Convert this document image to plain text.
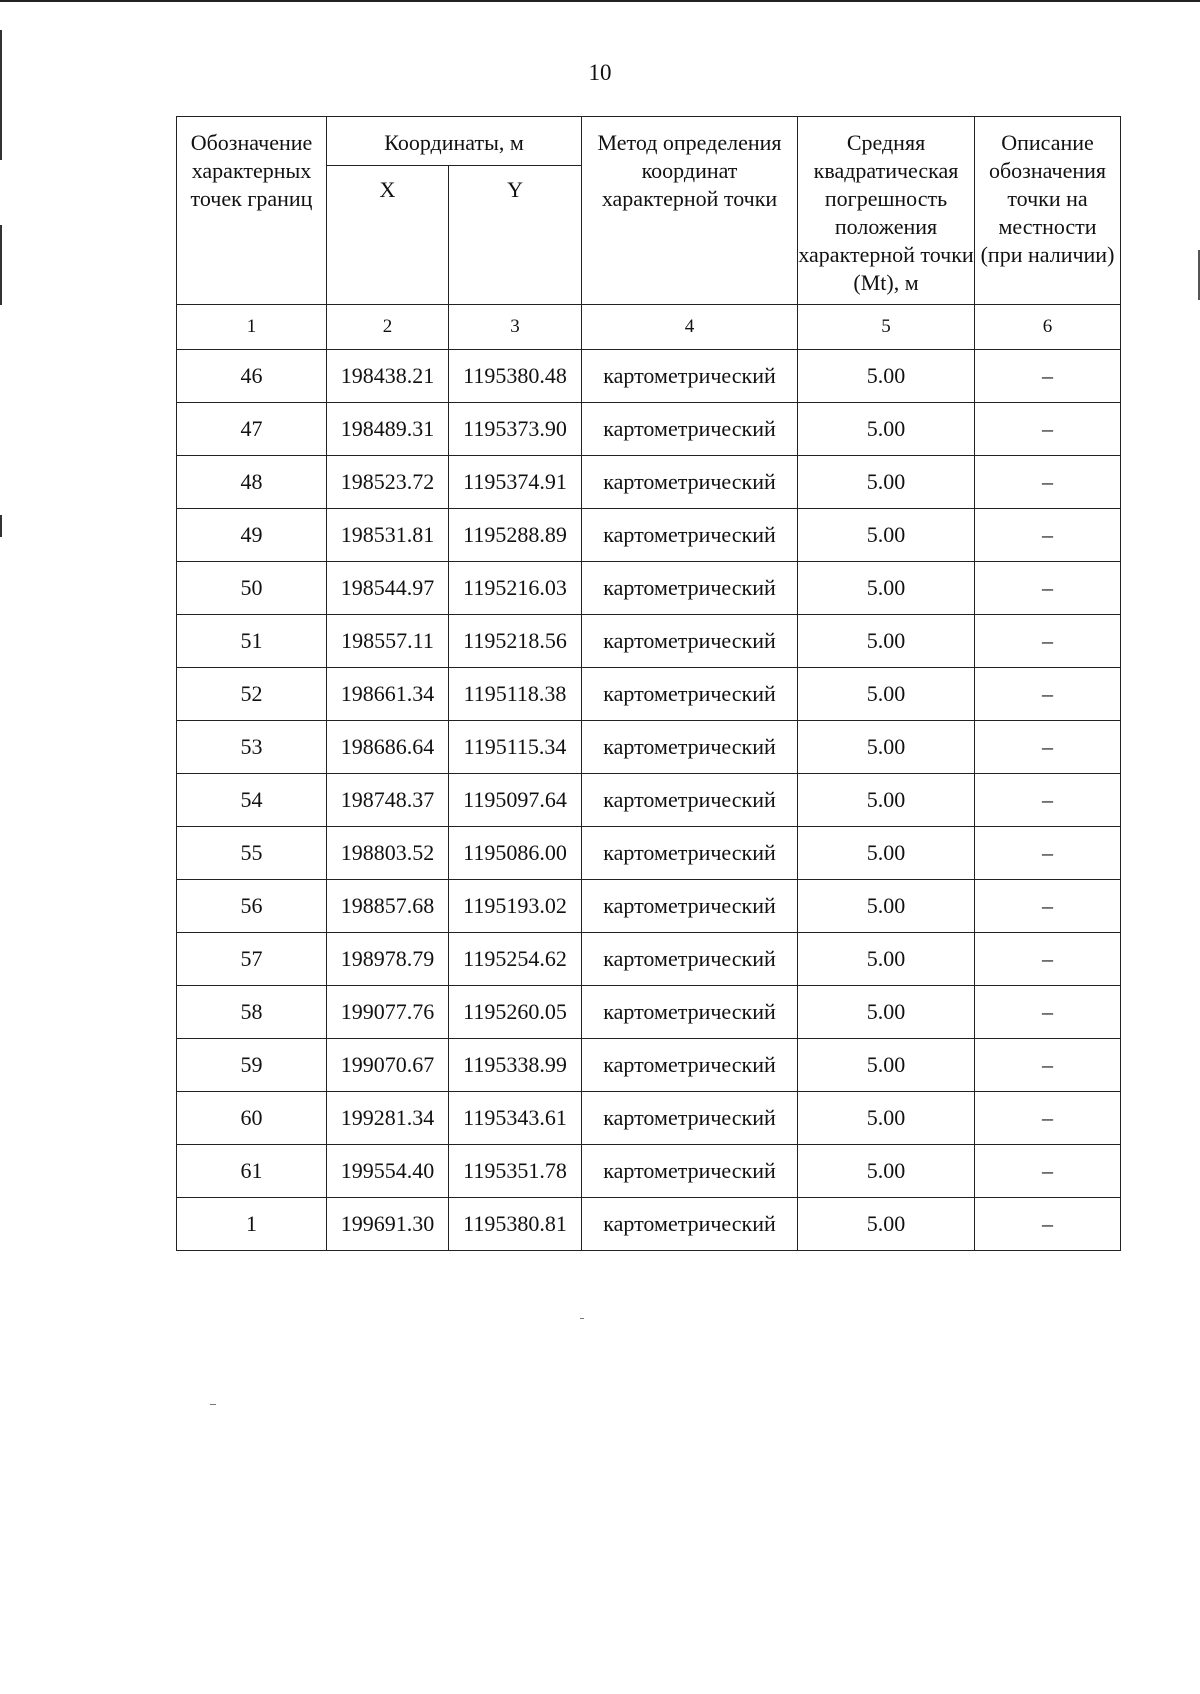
10
Обозначение характерных точек границ	Координаты, м		Метод определения координат характерной точки	Средняя квадратическая погрешность положения характерной точки (Mt), м	Описание обозначения точки на местности (при наличии)
	X	Y			
1	2	3	4	5	6
46	198438.21	1195380.48	картометрический	5.00	–
47	198489.31	1195373.90	картометрический	5.00	–
48	198523.72	1195374.91	картометрический	5.00	–
49	198531.81	1195288.89	картометрический	5.00	–
50	198544.97	1195216.03	картометрический	5.00	–
51	198557.11	1195218.56	картометрический	5.00	–
52	198661.34	1195118.38	картометрический	5.00	–
53	198686.64	1195115.34	картометрический	5.00	–
54	198748.37	1195097.64	картометрический	5.00	–
55	198803.52	1195086.00	картометрический	5.00	–
56	198857.68	1195193.02	картометрический	5.00	–
57	198978.79	1195254.62	картометрический	5.00	–
58	199077.76	1195260.05	картометрический	5.00	–
59	199070.67	1195338.99	картометрический	5.00	–
60	199281.34	1195343.61	картометрический	5.00	–
61	199554.40	1195351.78	картометрический	5.00	–
1	199691.30	1195380.81	картометрический	5.00	–
